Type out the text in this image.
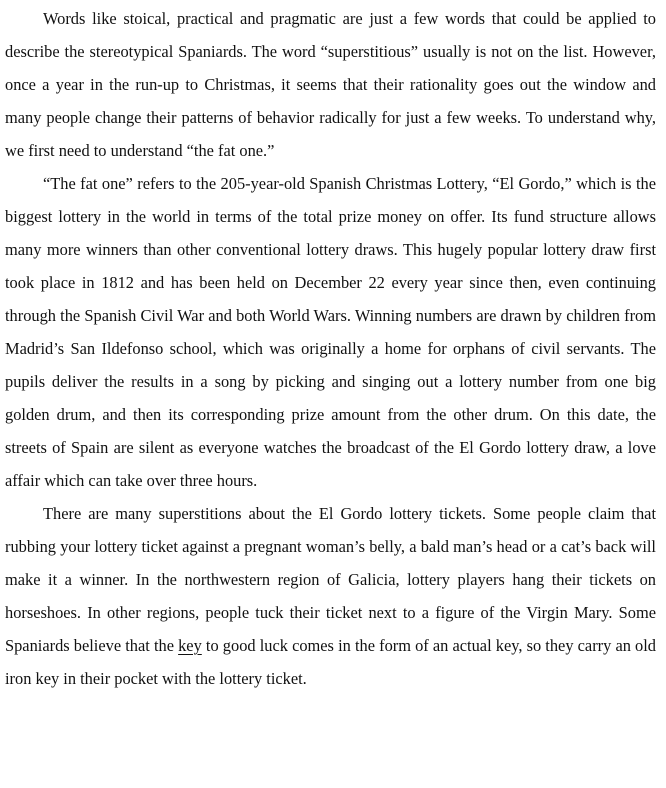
Words like stoical, practical and pragmatic are just a few words that could be applied to describe the stereotypical Spaniards. The word “superstitious” usually is not on the list. However, once a year in the run-up to Christmas, it seems that their rationality goes out the window and many people change their patterns of behavior radically for just a few weeks. To understand why, we first need to understand “the fat one.”

“The fat one” refers to the 205-year-old Spanish Christmas Lottery, “El Gordo,” which is the biggest lottery in the world in terms of the total prize money on offer. Its fund structure allows many more winners than other conventional lottery draws. This hugely popular lottery draw first took place in 1812 and has been held on December 22 every year since then, even continuing through the Spanish Civil War and both World Wars. Winning numbers are drawn by children from Madrid’s San Ildefonso school, which was originally a home for orphans of civil servants. The pupils deliver the results in a song by picking and singing out a lottery number from one big golden drum, and then its corresponding prize amount from the other drum. On this date, the streets of Spain are silent as everyone watches the broadcast of the El Gordo lottery draw, a love affair which can take over three hours.

There are many superstitions about the El Gordo lottery tickets. Some people claim that rubbing your lottery ticket against a pregnant woman’s belly, a bald man’s head or a cat’s back will make it a winner. In the northwestern region of Galicia, lottery players hang their tickets on horseshoes. In other regions, people tuck their ticket next to a figure of the Virgin Mary. Some Spaniards believe that the key to good luck comes in the form of an actual key, so they carry an old iron key in their pocket with the lottery ticket.
